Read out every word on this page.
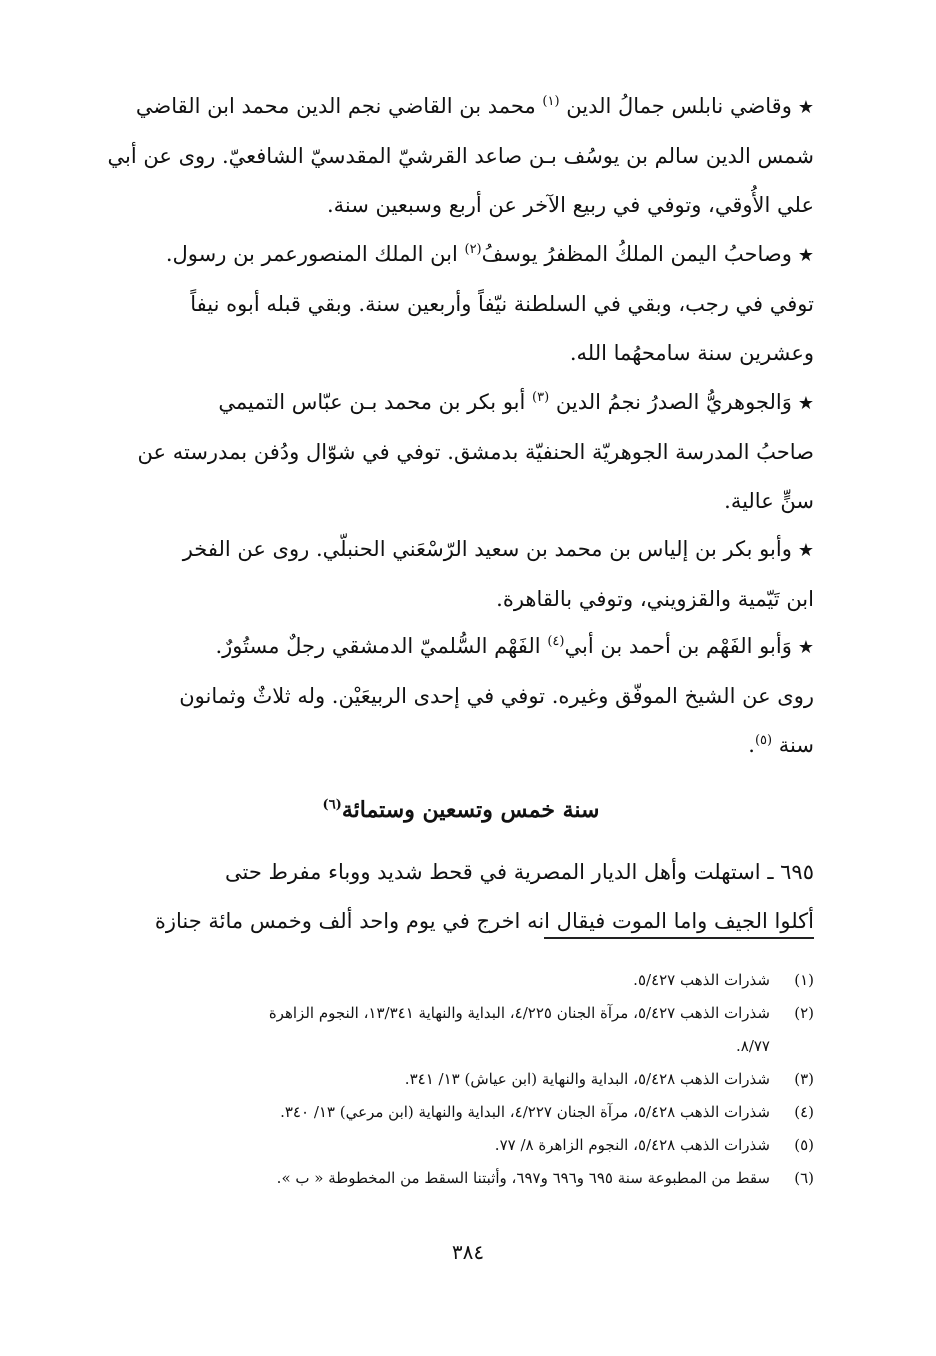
★وقاضي نابلس جمالُ الدين $^{(١)}$ محمد بن القاضي نجم الدين محمد ابن القاضي
شمس الدين سالم بن يوسُف بـن صاعد القرشيّ المقدسيّ الشافعيّ. روى عن أبي
علي الأُوقي، وتوفي في ربيع الآخر عن أربع وسبعين سنة.
★وصاحبُ اليمن الملكُ المظفرُ يوسفُ$^{(٢)}$ ابن الملك المنصورعمر بن رسول.
توفي في رجب، وبقي في السلطنة نيّفاً وأربعين سنة. وبقي قبله أبوه نيفاً
وعشرين سنة سامحهُما الله.
★وَالجوهريُّ الصدرُ نجمُ الدين $^{(٣)}$ أبو بكر بن محمد بـن عبّاس التميمي
صاحبُ المدرسة الجوهريّة الحنفيّة بدمشق. توفي في شوّال ودُفن بمدرسته عن
سنٍّ عالية.
★وأبو بكر بن إلياس بن محمد بن سعيد الرّسْعَني الحنبلّي. روى عن الفخر
ابن تَيّمية والقزويني، وتوفي بالقاهرة.
★وَأبو الفَهْم بن أحمد بن أبي$^{(٤)}$ الفَهْم السُّلميّ الدمشقي رجلٌ مستُورٌ.
روى عن الشيخ الموفّق وغيره. توفي في إحدى الربيعَيْن. وله ثلاثٌ وثمانون
سنة $^{(٥)}$.
سنة خمس وتسعين وستمائة$^{(٦)}$
٦٩٥ ـ استهلت وأهل الديار المصرية في قحط شديد ووباء مفرط حتى
أكلوا الجيف واما الموت فيقال انه اخرج في يوم واحد ألف وخمس مائة جنازة
(١)
شذرات الذهب ٥/٤٢٧.
(٢)
شذرات الذهب ٥/٤٢٧، مرآة الجنان ٤/٢٢٥، البداية والنهاية ١٣/٣٤١، النجوم الزاهرة
٨/٧٧.
(٣)
شذرات الذهب ٥/٤٢٨، البداية والنهاية (ابن عياش) ١٣/ ٣٤١.
(٤)
شذرات الذهب ٥/٤٢٨، مرآة الجنان ٤/٢٢٧، البداية والنهاية (ابن مرعي) ١٣/ ٣٤٠.
(٥)
شذرات الذهب ٥/٤٢٨، النجوم الزاهرة ٨/ ٧٧.
(٦)
سقط من المطبوعة سنة ٦٩٥ و٦٩٦ و٦٩٧، وأثبتنا السقط من المخطوطة « ب ».
٣٨٤
